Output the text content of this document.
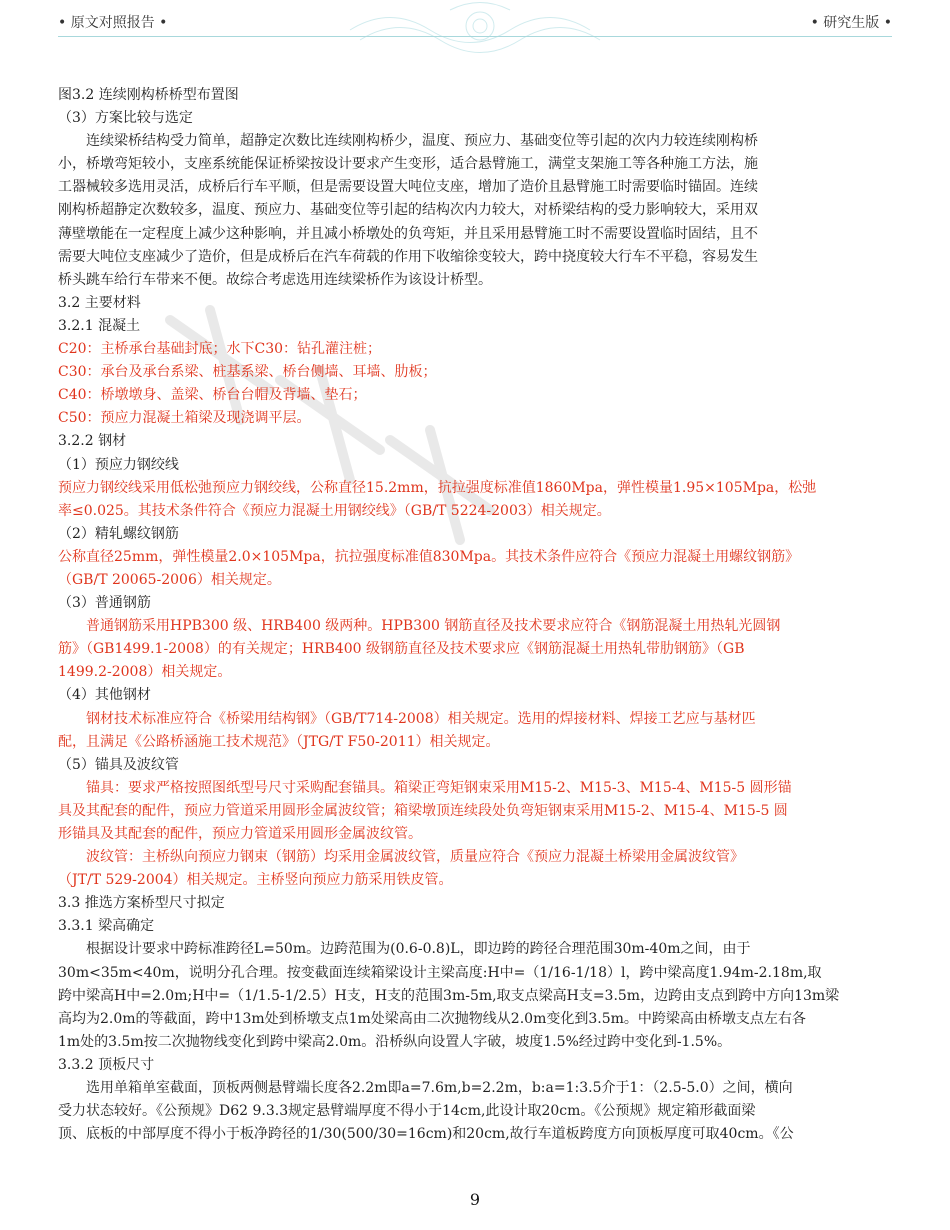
• 原文对照报告 •	• 研究生版 •
图3.2 连续刚构桥桥型布置图
（3）方案比较与选定
连续梁桥结构受力简单，超静定次数比连续刚构桥少，温度、预应力、基础变位等引起的次内力较连续刚构桥
小，桥墩弯矩较小，支座系统能保证桥梁按设计要求产生变形，适合悬臂施工，满堂支架施工等各种施工方法，施
工器械较多选用灵活，成桥后行车平顺，但是需要设置大吨位支座，增加了造价且悬臂施工时需要临时锚固。连续
刚构桥超静定次数较多，温度、预应力、基础变位等引起的结构次内力较大，对桥梁结构的受力影响较大，采用双
薄壁墩能在一定程度上减少这种影响，并且减小桥墩处的负弯矩，并且采用悬臂施工时不需要设置临时固结，且不
需要大吨位支座减少了造价，但是成桥后在汽车荷载的作用下收缩徐变较大，跨中挠度较大行车不平稳，容易发生
桥头跳车给行车带来不便。故综合考虑选用连续梁桥作为该设计桥型。
3.2 主要材料
3.2.1 混凝土
C20：主桥承台基础封底；水下C30：钻孔灌注桩；
C30：承台及承台系梁、桩基系梁、桥台侧墙、耳墙、肋板；
C40：桥墩墩身、盖梁、桥台台帽及背墙、垫石；
C50：预应力混凝土箱梁及现浇调平层。
3.2.2 钢材
（1）预应力钢绞线
预应力钢绞线采用低松弛预应力钢绞线，公称直径15.2mm，抗拉强度标准值1860Mpa，弹性模量1.95×105Mpa，松弛
率≤0.025。其技术条件符合《预应力混凝土用钢绞线》（GB/T 5224-2003）相关规定。
（2）精轧螺纹钢筋
公称直径25mm，弹性模量2.0×105Mpa，抗拉强度标准值830Mpa。其技术条件应符合《预应力混凝土用螺纹钢筋》
（GB/T 20065-2006）相关规定。
（3）普通钢筋
普通钢筋采用HPB300 级、HRB400 级两种。HPB300 钢筋直径及技术要求应符合《钢筋混凝土用热轧光圆钢
筋》（GB1499.1-2008）的有关规定；HRB400 级钢筋直径及技术要求应《钢筋混凝土用热轧带肋钢筋》（GB
1499.2-2008）相关规定。
（4）其他钢材
钢材技术标准应符合《桥梁用结构钢》（GB/T714-2008）相关规定。选用的焊接材料、焊接工艺应与基材匹
配，且满足《公路桥涵施工技术规范》（JTG/T F50-2011）相关规定。
（5）锚具及波纹管
锚具：要求严格按照图纸型号尺寸采购配套锚具。箱梁正弯矩钢束采用M15-2、M15-3、M15-4、M15-5 圆形锚
具及其配套的配件，预应力管道采用圆形金属波纹管；箱梁墩顶连续段处负弯矩钢束采用M15-2、M15-4、M15-5 圆
形锚具及其配套的配件，预应力管道采用圆形金属波纹管。
波纹管：主桥纵向预应力钢束（钢筋）均采用金属波纹管，质量应符合《预应力混凝土桥梁用金属波纹管》
（JT/T 529-2004）相关规定。主桥竖向预应力筋采用铁皮管。
3.3 推选方案桥型尺寸拟定
3.3.1 梁高确定
根据设计要求中跨标准跨径L=50m。边跨范围为(0.6-0.8)L，即边跨的跨径合理范围30m-40m之间，由于
30m<35m<40m，说明分孔合理。按变截面连续箱梁设计主梁高度:H中=（1/16-1/18）l，跨中梁高度1.94m-2.18m,取
跨中梁高H中=2.0m;H中=（1/1.5-1/2.5）H支，H支的范围3m-5m,取支点梁高H支=3.5m，边跨由支点到跨中方向13m梁
高均为2.0m的等截面，跨中13m处到桥墩支点1m处梁高由二次抛物线从2.0m变化到3.5m。中跨梁高由桥墩支点左右各
1m处的3.5m按二次抛物线变化到跨中梁高2.0m。沿桥纵向设置人字破，坡度1.5%经过跨中变化到-1.5%。
3.3.2 顶板尺寸
选用单箱单室截面，顶板两侧悬臂端长度各2.2m即a=7.6m,b=2.2m，b:a=1:3.5介于1：（2.5-5.0）之间，横向
受力状态较好。《公预规》D62 9.3.3规定悬臂端厚度不得小于14cm,此设计取20cm。《公预规》规定箱形截面梁
顶、底板的中部厚度不得小于板净跨径的1/30(500/30=16cm)和20cm,故行车道板跨度方向顶板厚度可取40cm。《公
9
